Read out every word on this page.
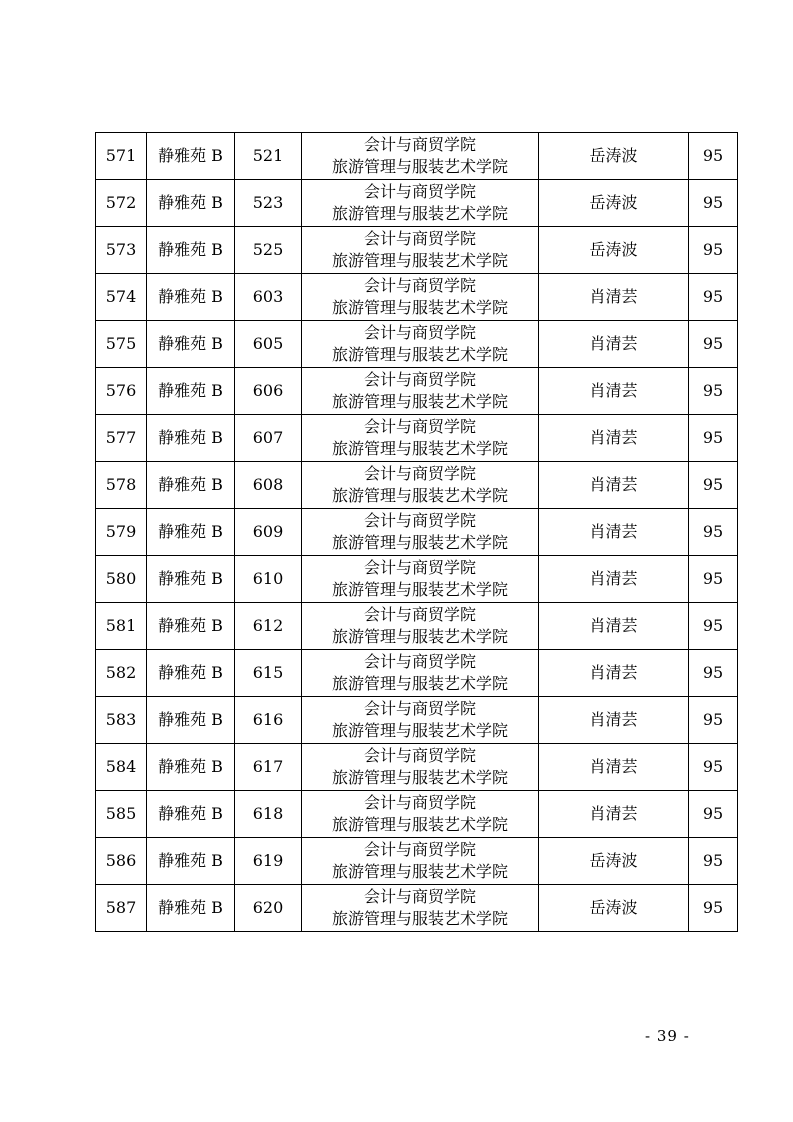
571	静雅苑 B	521	会计与商贸学院
旅游管理与服装艺术学院	岳涛波	95
572	静雅苑 B	523	会计与商贸学院
旅游管理与服装艺术学院	岳涛波	95
573	静雅苑 B	525	会计与商贸学院
旅游管理与服装艺术学院	岳涛波	95
574	静雅苑 B	603	会计与商贸学院
旅游管理与服装艺术学院	肖清芸	95
575	静雅苑 B	605	会计与商贸学院
旅游管理与服装艺术学院	肖清芸	95
576	静雅苑 B	606	会计与商贸学院
旅游管理与服装艺术学院	肖清芸	95
577	静雅苑 B	607	会计与商贸学院
旅游管理与服装艺术学院	肖清芸	95
578	静雅苑 B	608	会计与商贸学院
旅游管理与服装艺术学院	肖清芸	95
579	静雅苑 B	609	会计与商贸学院
旅游管理与服装艺术学院	肖清芸	95
580	静雅苑 B	610	会计与商贸学院
旅游管理与服装艺术学院	肖清芸	95
581	静雅苑 B	612	会计与商贸学院
旅游管理与服装艺术学院	肖清芸	95
582	静雅苑 B	615	会计与商贸学院
旅游管理与服装艺术学院	肖清芸	95
583	静雅苑 B	616	会计与商贸学院
旅游管理与服装艺术学院	肖清芸	95
584	静雅苑 B	617	会计与商贸学院
旅游管理与服装艺术学院	肖清芸	95
585	静雅苑 B	618	会计与商贸学院
旅游管理与服装艺术学院	肖清芸	95
586	静雅苑 B	619	会计与商贸学院
旅游管理与服装艺术学院	岳涛波	95
587	静雅苑 B	620	会计与商贸学院
旅游管理与服装艺术学院	岳涛波	95
- 39 -
